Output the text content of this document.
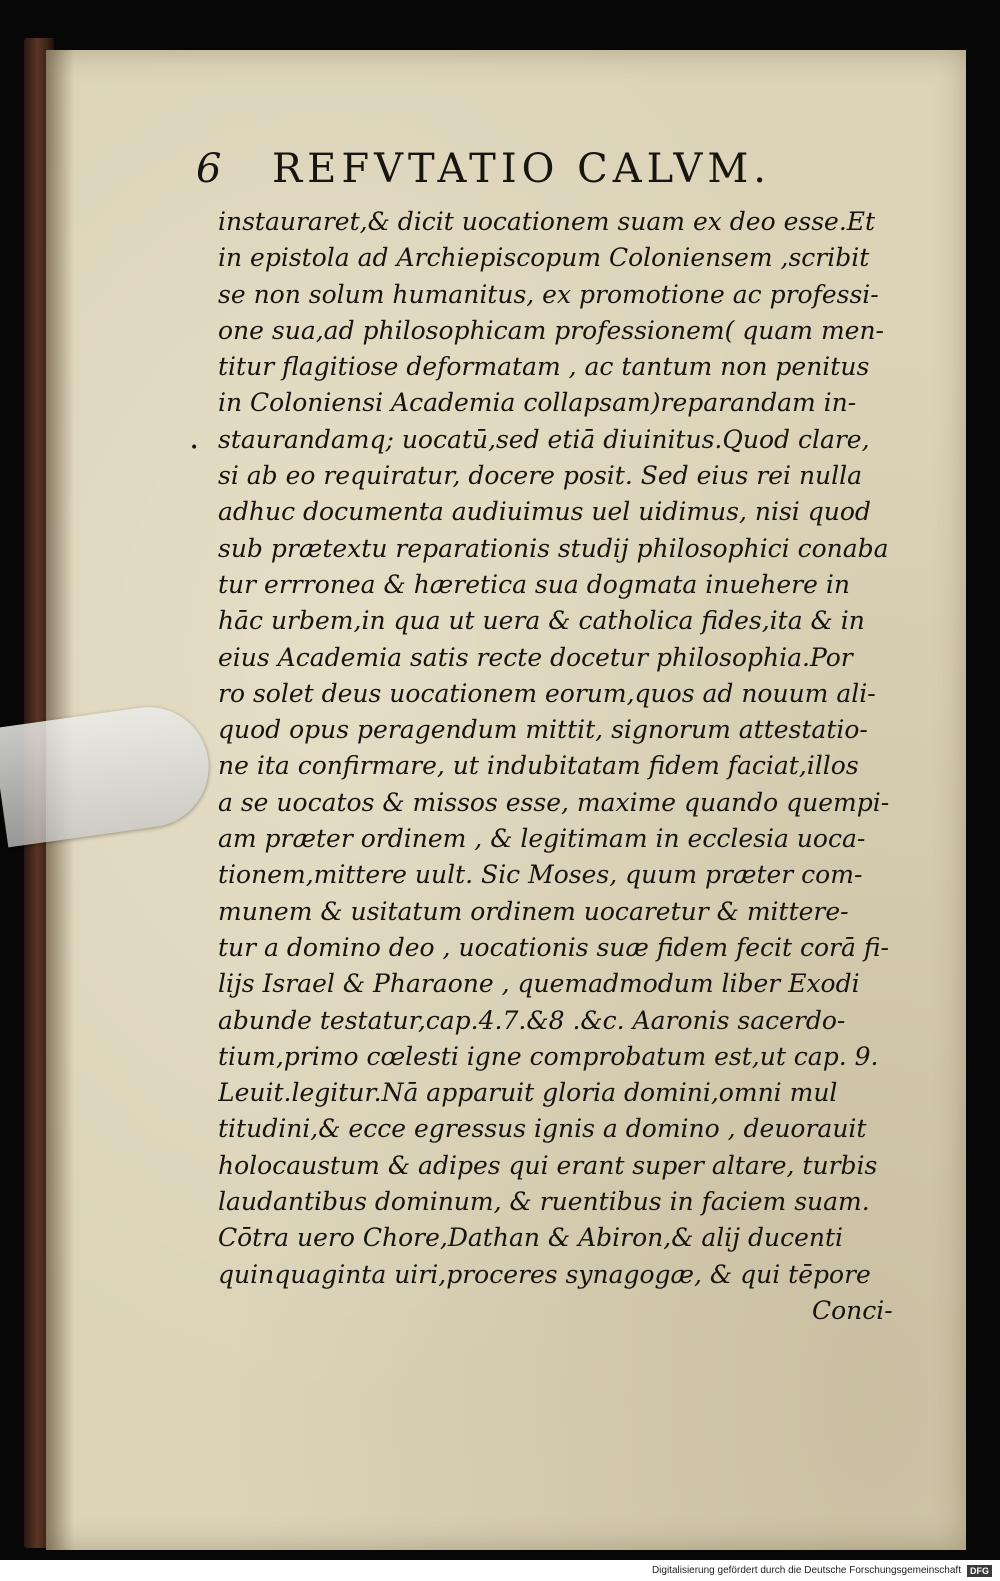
6	REFVTATIO CALVM.
instauraret,& dicit uocationem suam ex deo esse.Et
in epistola ad Archiepiscopum Coloniensem ,scribit
se non solum humanitus, ex promotione ac professi-
one sua,ad philosophicam professionem( quam men-
titur flagitiose deformatam , ac tantum non penitus
in Coloniensi Academia collapsam)reparandam in-
staurandamq; uocatū,sed etiā diuinitus.Quod clare,
si ab eo requiratur, docere posit. Sed eius rei nulla
adhuc documenta audiuimus uel uidimus, nisi quod
sub prætextu reparationis studij philosophici conaba
tur errronea & hæretica sua dogmata inuehere in
hāc urbem,in qua ut uera & catholica fides,ita & in
eius Academia satis recte docetur philosophia.Por
ro solet deus uocationem eorum,quos ad nouum ali-
quod opus peragendum mittit, signorum attestatio-
ne ita confirmare, ut indubitatam fidem faciat,illos
a se uocatos & missos esse, maxime quando quempi-
am præter ordinem , & legitimam in ecclesia uoca-
tionem,mittere uult. Sic Moses, quum præter com-
munem & usitatum ordinem uocaretur & mittere-
tur a domino deo , uocationis suæ fidem fecit corā fi-
lijs Israel & Pharaone , quemadmodum liber Exodi
abunde testatur,cap.4.7.&8 .&c. Aaronis sacerdo-
tium,primo cœlesti igne comprobatum est,ut cap. 9.
Leuit.legitur.Nā apparuit gloria domini,omni mul
titudini,& ecce egressus ignis a domino , deuorauit
holocaustum & adipes qui erant super altare, turbis
laudantibus dominum, & ruentibus in faciem suam.
Cōtra uero Chore,Dathan & Abiron,& alij ducenti
quinquaginta uiri,proceres synagogæ, & qui tēpore
Conci-
•
Digitalisierung gefördert durch die Deutsche Forschungsgemeinschaft	DFG
